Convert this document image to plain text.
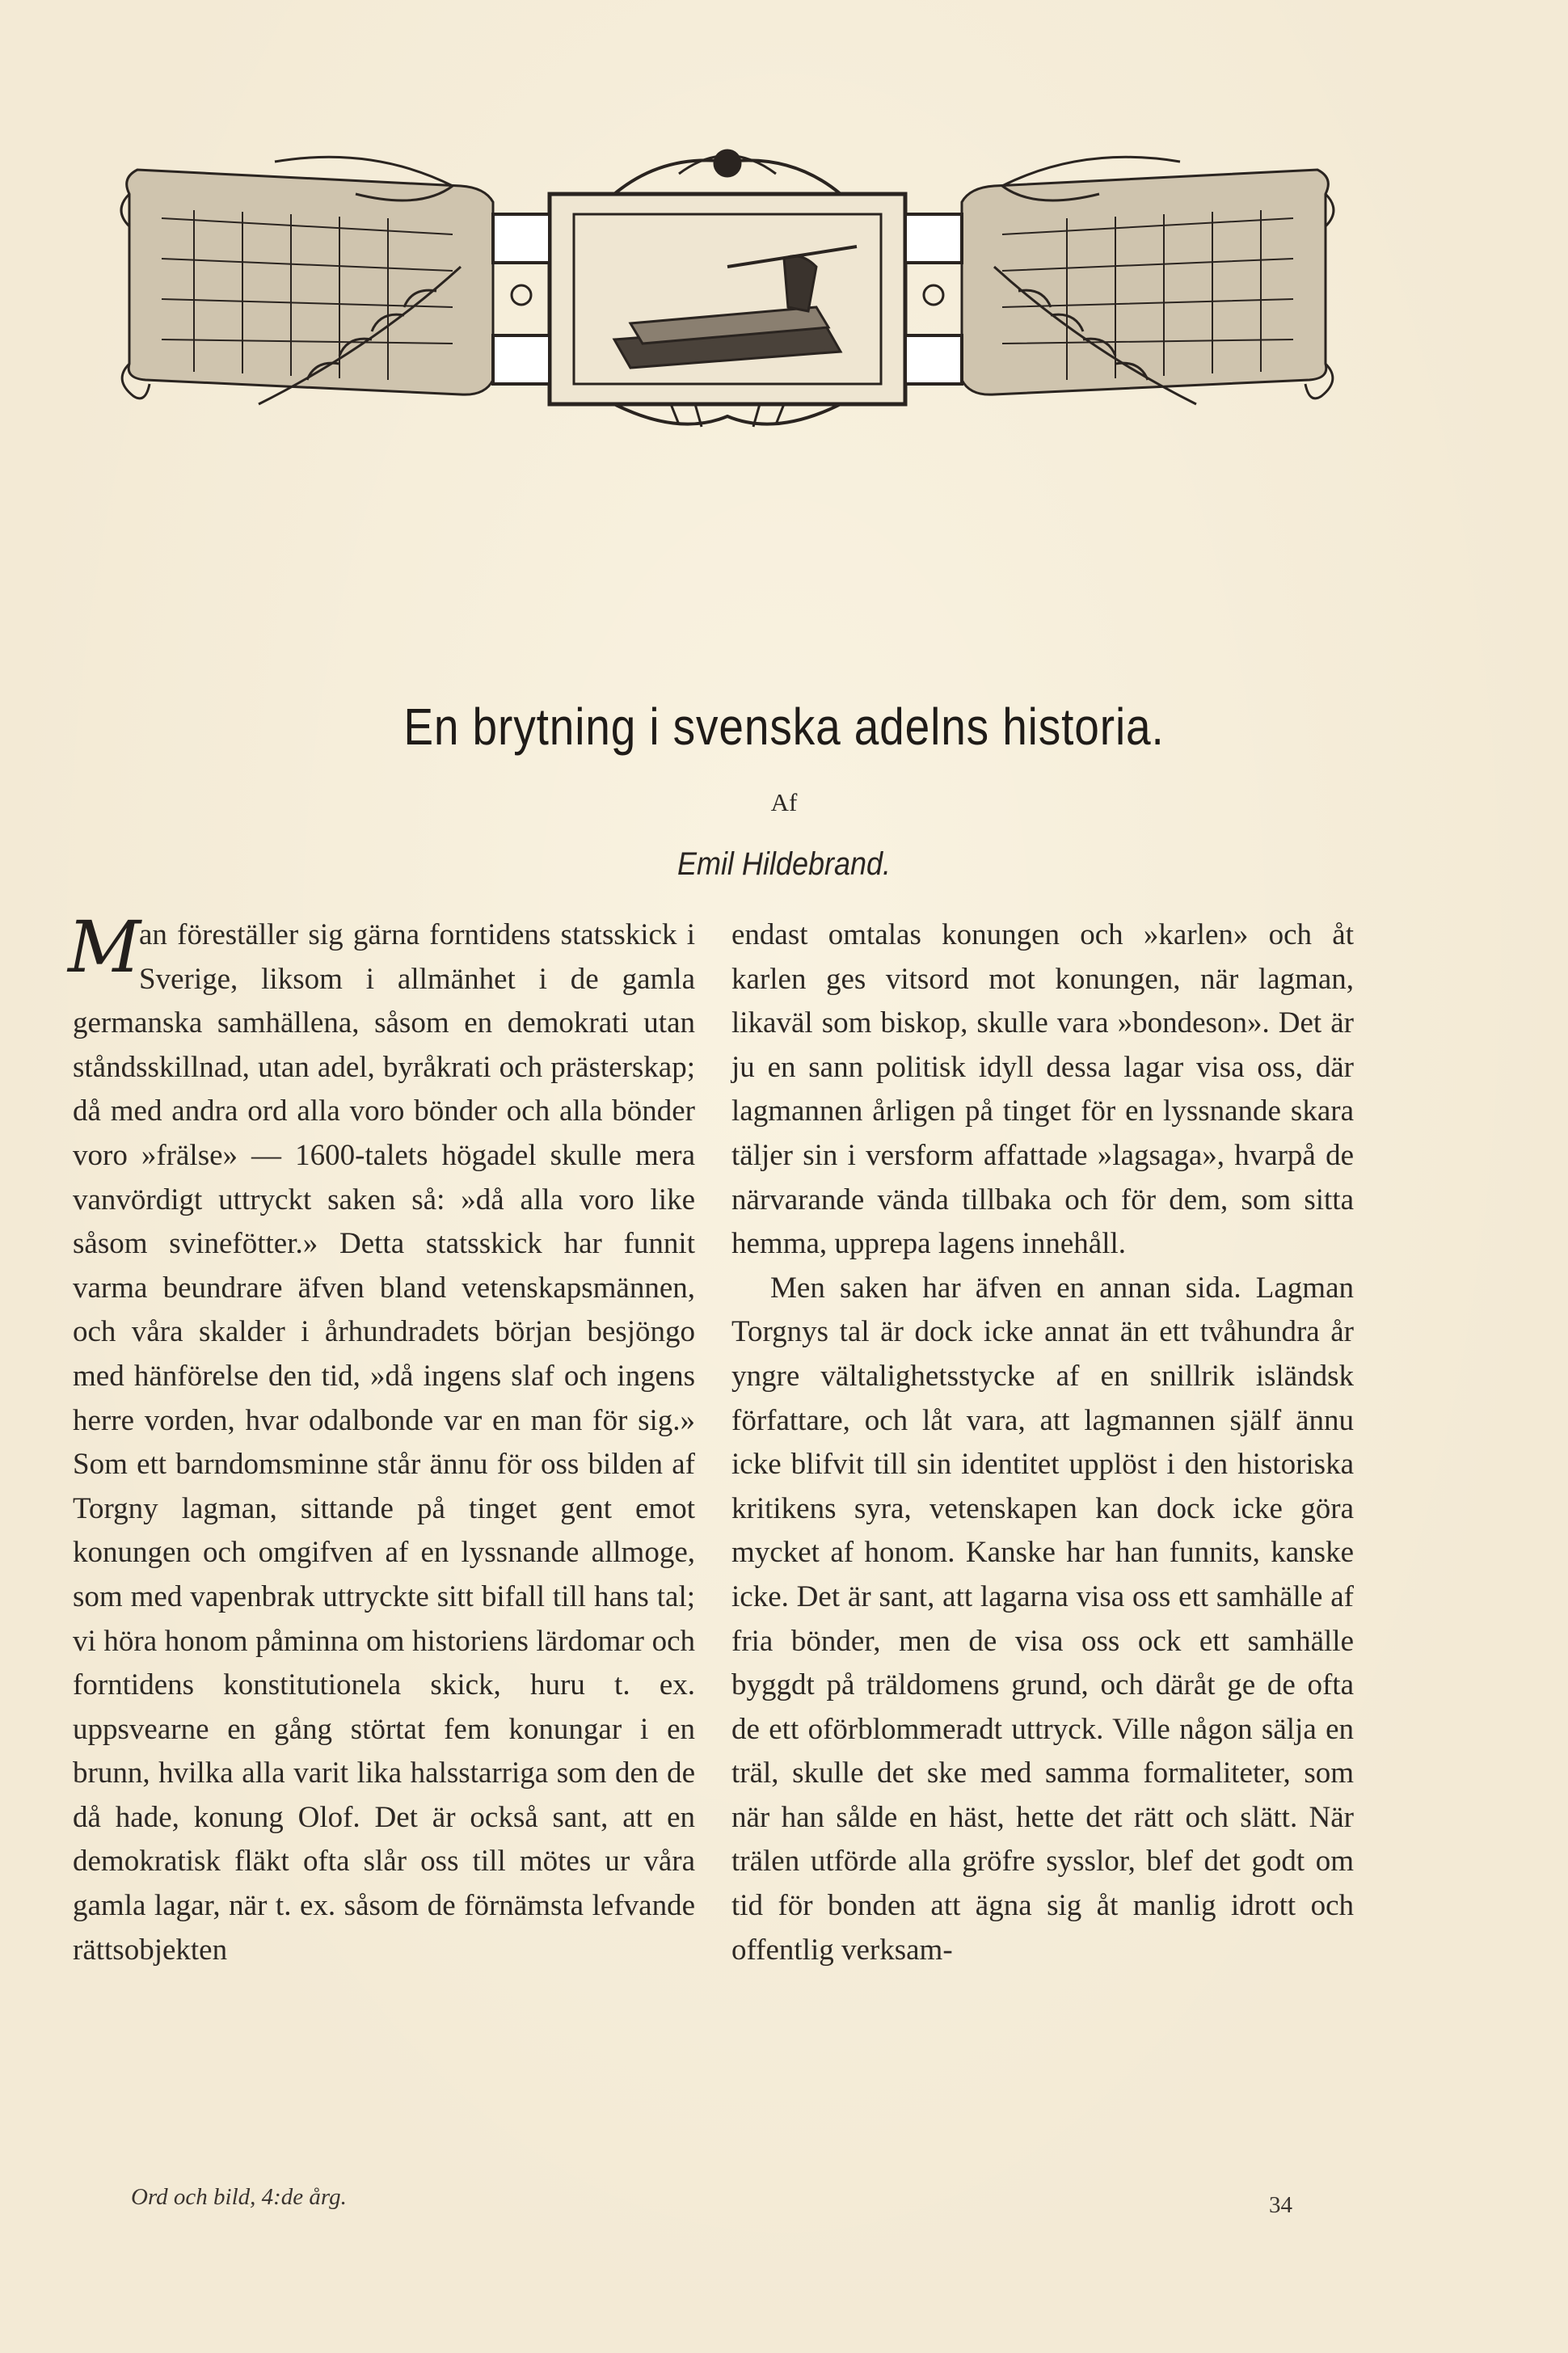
En brytning i svenska adelns historia.
Af
Emil Hildebrand.

M
an föreställer sig gärna forntidens statsskick i Sverige, liksom i allmänhet i de gamla germanska samhällena, såsom en demokrati utan ståndsskillnad, utan adel, byråkrati och prästerskap; då med andra ord alla voro bönder och alla bönder voro »frälse» — 1600-talets högadel skulle mera vanvördigt uttryckt saken så: »då alla voro like såsom svinefötter.» Detta statsskick har funnit varma beundrare äfven bland vetenskapsmännen, och våra skalder i århundradets början besjöngo med hänförelse den tid, »då ingens slaf och ingens herre vorden, hvar odalbonde var en man för sig.» Som ett barndomsminne står ännu för oss bilden af Torgny lagman, sittande på tinget gent emot konungen och omgifven af en lyssnande allmoge, som med vapenbrak uttryckte sitt bifall till hans tal; vi höra honom påminna om historiens lärdomar och forntidens konstitutionela skick, huru t. ex. uppsvearne en gång störtat fem konungar i en brunn, hvilka alla varit lika halsstarriga som den de då hade, konung Olof. Det är också sant, att en demokratisk fläkt ofta slår oss till mötes ur våra gamla lagar, när t. ex. såsom de förnämsta lefvande rättsobjekten

endast omtalas konungen och »karlen» och åt karlen ges vitsord mot konungen, när lagman, likaväl som biskop, skulle vara »bondeson». Det är ju en sann politisk idyll dessa lagar visa oss, där lagmannen årligen på tinget för en lyssnande skara täljer sin i versform affattade »lagsaga», hvarpå de närvarande vända tillbaka och för dem, som sitta hemma, upprepa lagens innehåll.

Men saken har äfven en annan sida. Lagman Torgnys tal är dock icke annat än ett tvåhundra år yngre vältalighetsstycke af en snillrik isländsk författare, och låt vara, att lagmannen själf ännu icke blifvit till sin identitet upplöst i den historiska kritikens syra, vetenskapen kan dock icke göra mycket af honom. Kanske har han funnits, kanske icke. Det är sant, att lagarna visa oss ett samhälle af fria bönder, men de visa oss ock ett samhälle byggdt på träldomens grund, och däråt ge de ofta de ett oförblommeradt uttryck. Ville någon sälja en träl, skulle det ske med samma formaliteter, som när han sålde en häst, hette det rätt och slätt. När trälen utförde alla gröfre sysslor, blef det godt om tid för bonden att ägna sig åt manlig idrott och offentlig verksam-

Ord och bild, 4:de årg.	34
